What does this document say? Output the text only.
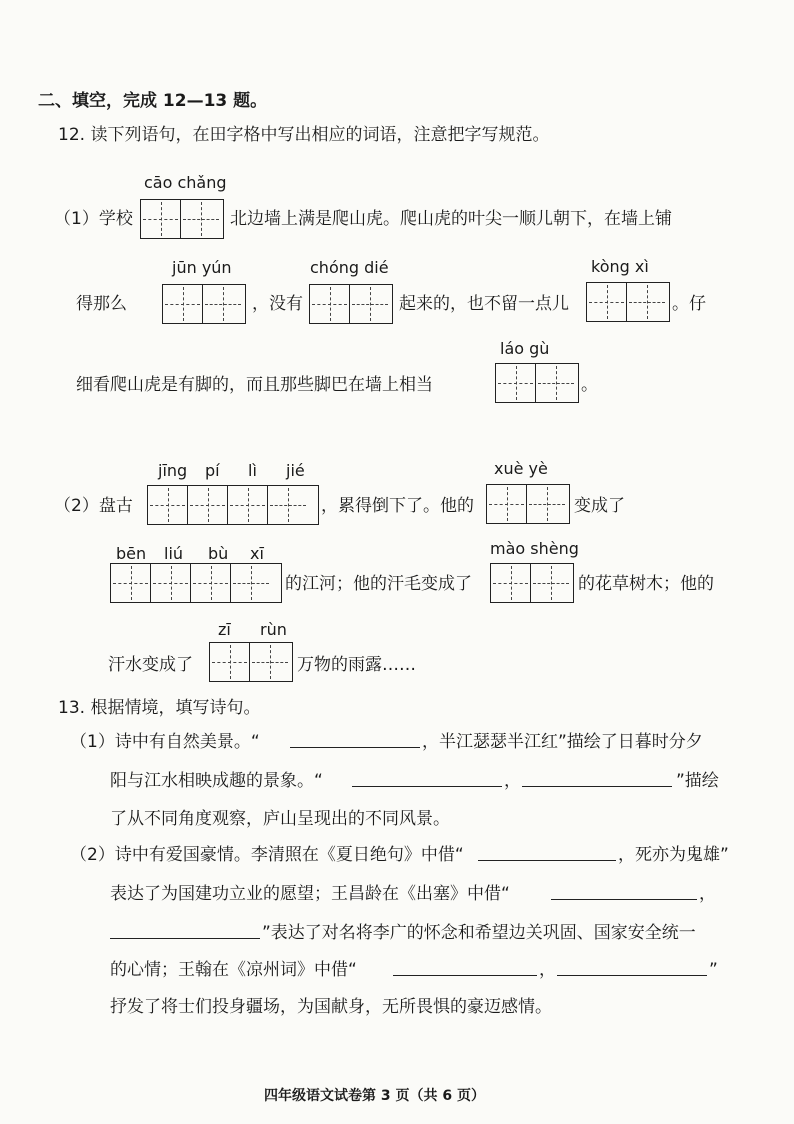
二、填空，完成 12—13 题。
12. 读下列语句，在田字格中写出相应的词语，注意把字写规范。
cāo chǎng
（1）学校	北边墙上满是爬山虎。爬山虎的叶尖一顺儿朝下，在墙上铺
jūn yún	chóng dié	kòng xì
得那么	，没有	起来的，也不留一点儿	。仔
láo gù
细看爬山虎是有脚的，而且那些脚巴在墙上相当	。
jīng pí lì jié	xuè yè
（2）盘古	，累得倒下了。他的	变成了
bēn liú bù xī	mào shèng
的江河；他的汗毛变成了	的花草树木；他的
zī rùn
汗水变成了	万物的雨露……
13. 根据情境，填写诗句。
（1）诗中有自然美景。“	，半江瑟瑟半江红”描绘了日暮时分夕
阳与江水相映成趣的景象。“	，	”描绘
了从不同角度观察，庐山呈现出的不同风景。
（2）诗中有爱国豪情。李清照在《夏日绝句》中借“	，死亦为鬼雄”
表达了为国建功立业的愿望；王昌龄在《出塞》中借“	，
”表达了对名将李广的怀念和希望边关巩固、国家安全统一
的心情；王翰在《凉州词》中借“	，	”
抒发了将士们投身疆场，为国献身，无所畏惧的豪迈感情。
四年级语文试卷第 3 页（共 6 页）
